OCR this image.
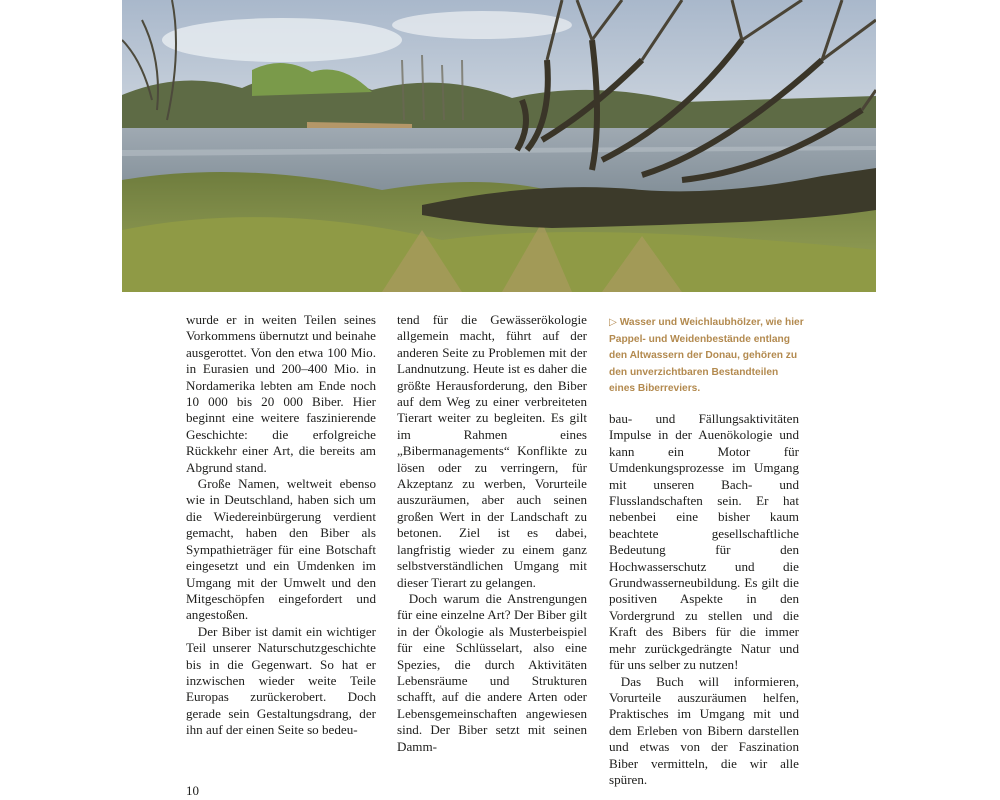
wurde er in weiten Teilen seines Vorkommens übernutzt und beinahe ausgerottet. Von den etwa 100 Mio. in Eurasien und 200–400 Mio. in Nordamerika lebten am Ende noch 10 000 bis 20 000 Biber. Hier beginnt eine weitere faszinierende Geschichte: die erfolgreiche Rückkehr einer Art, die bereits am Abgrund stand.

Große Namen, weltweit ebenso wie in Deutschland, haben sich um die Wiedereinbürgerung verdient gemacht, haben den Biber als Sympathieträger für eine Botschaft eingesetzt und ein Umdenken im Umgang mit der Umwelt und den Mitgeschöpfen eingefordert und angestoßen.

Der Biber ist damit ein wichtiger Teil unserer Naturschutzgeschichte bis in die Gegenwart. So hat er inzwischen wieder weite Teile Europas zurückerobert. Doch gerade sein Gestaltungsdrang, der ihn auf der einen Seite so bedeu-

tend für die Gewässerökologie allgemein macht, führt auf der anderen Seite zu Problemen mit der Landnutzung. Heute ist es daher die größte Herausforderung, den Biber auf dem Weg zu einer verbreiteten Tierart weiter zu begleiten. Es gilt im Rahmen eines „Bibermanagements“ Konflikte zu lösen oder zu verringern, für Akzeptanz zu werben, Vorurteile auszuräumen, aber auch seinen großen Wert in der Landschaft zu betonen. Ziel ist es dabei, langfristig wieder zu einem ganz selbstverständlichen Umgang mit dieser Tierart zu gelangen.

Doch warum die Anstrengungen für eine einzelne Art? Der Biber gilt in der Ökologie als Musterbeispiel für eine Schlüsselart, also eine Spezies, die durch Aktivitäten Lebensräume und Strukturen schafft, auf die andere Arten oder Lebensgemeinschaften angewiesen sind. Der Biber setzt mit seinen Damm-

▷ Wasser und Weichlaubhölzer, wie hier Pappel- und Weidenbestände entlang den Altwassern der Donau, gehören zu den unverzichtbaren Bestandteilen eines Biberreviers.

bau- und Fällungsaktivitäten Impulse in der Auenökologie und kann ein Motor für Umdenkungsprozesse im Umgang mit unseren Bach- und Flusslandschaften sein. Er hat nebenbei eine bisher kaum beachtete gesellschaftliche Bedeutung für den Hochwasserschutz und die Grundwasserneubildung. Es gilt die positiven Aspekte in den Vordergrund zu stellen und die Kraft des Bibers für die immer mehr zurückgedrängte Natur und für uns selber zu nutzen!

Das Buch will informieren, Vorurteile auszuräumen helfen, Praktisches im Umgang mit und dem Erleben von Bibern darstellen und etwas von der Faszination Biber vermitteln, die wir alle spüren.

10
